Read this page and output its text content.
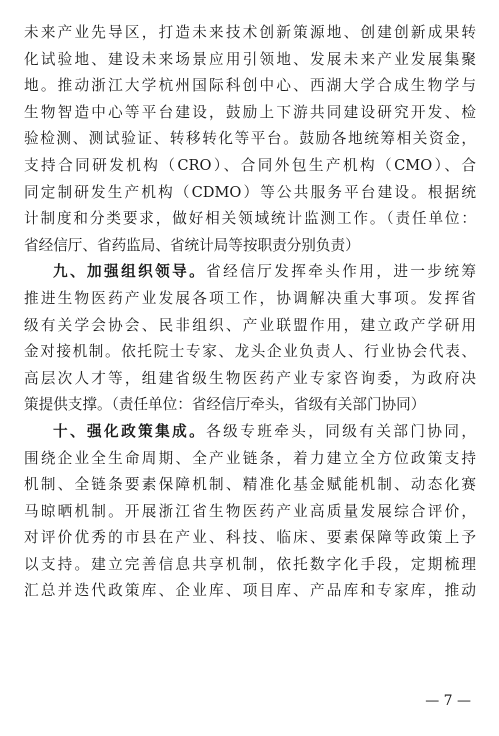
未来产业先导区，打造未来技术创新策源地、创建创新成果转
化试验地、建设未来场景应用引领地、发展未来产业发展集聚
地。推动浙江大学杭州国际科创中心、西湖大学合成生物学与
生物智造中心等平台建设，鼓励上下游共同建设研究开发、检
验检测、测试验证、转移转化等平台。鼓励各地统筹相关资金，
支持合同研发机构（CRO）、合同外包生产机构（CMO）、合
同定制研发生产机构（CDMO）等公共服务平台建设。根据统
计制度和分类要求，做好相关领域统计监测工作。（责任单位：
省经信厅、省药监局、省统计局等按职责分别负责）
九、加强组织领导。省经信厅发挥牵头作用，进一步统筹
推进生物医药产业发展各项工作，协调解决重大事项。发挥省
级有关学会协会、民非组织、产业联盟作用，建立政产学研用
金对接机制。依托院士专家、龙头企业负责人、行业协会代表、
高层次人才等，组建省级生物医药产业专家咨询委，为政府决
策提供支撑。（责任单位：省经信厅牵头，省级有关部门协同）
十、强化政策集成。各级专班牵头，同级有关部门协同，
围绕企业全生命周期、全产业链条，着力建立全方位政策支持
机制、全链条要素保障机制、精准化基金赋能机制、动态化赛
马晾晒机制。开展浙江省生物医药产业高质量发展综合评价，
对评价优秀的市县在产业、科技、临床、要素保障等政策上予
以支持。建立完善信息共享机制，依托数字化手段，定期梳理
汇总并迭代政策库、企业库、项目库、产品库和专家库，推动
— 7 —
